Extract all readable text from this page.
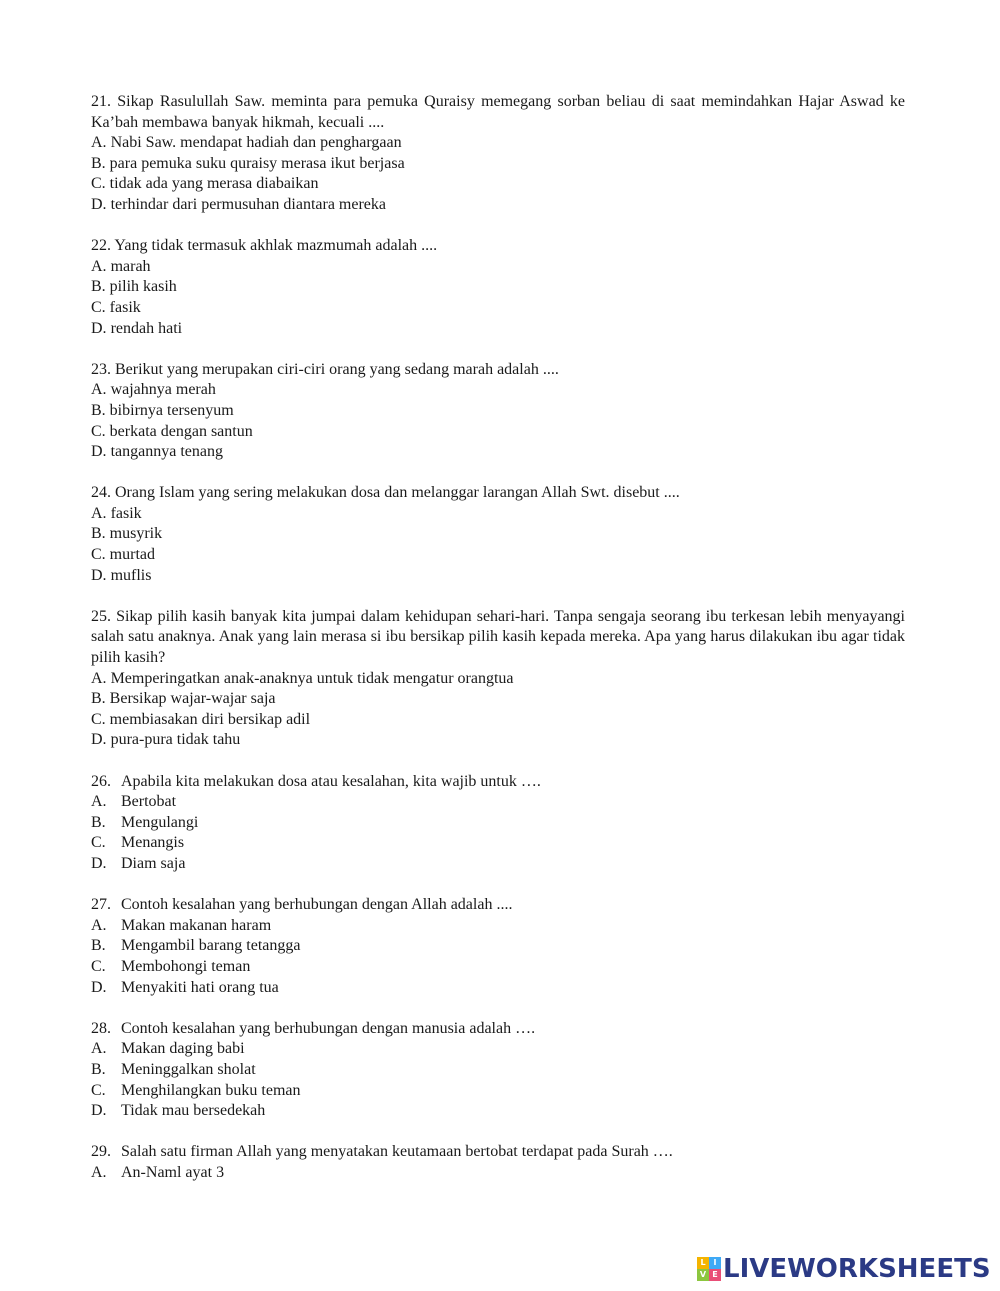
21. Sikap Rasulullah Saw. meminta para pemuka Quraisy memegang sorban beliau di saat memindahkan Hajar Aswad ke Ka’bah membawa banyak hikmah, kecuali ....
A. Nabi Saw. mendapat hadiah dan penghargaan
B. para pemuka suku quraisy merasa ikut berjasa
C. tidak ada yang merasa diabaikan
D. terhindar dari permusuhan diantara mereka
22. Yang tidak termasuk akhlak mazmumah adalah ....
A. marah
B. pilih kasih
C. fasik
D. rendah hati
23. Berikut yang merupakan ciri-ciri orang yang sedang marah adalah ....
A. wajahnya merah
B. bibirnya tersenyum
C. berkata dengan santun
D. tangannya tenang
24. Orang Islam yang sering melakukan dosa dan melanggar larangan Allah Swt. disebut ....
A. fasik
B. musyrik
C. murtad
D. muflis
25. Sikap pilih kasih banyak kita jumpai dalam kehidupan sehari-hari. Tanpa sengaja seorang ibu terkesan lebih menyayangi salah satu anaknya. Anak yang lain merasa si ibu bersikap pilih kasih kepada mereka. Apa yang harus dilakukan ibu agar tidak pilih kasih?
A. Memperingatkan anak-anaknya untuk tidak mengatur orangtua
B. Bersikap wajar-wajar saja
C. membiasakan diri bersikap adil
D. pura-pura tidak tahu
26. Apabila kita melakukan dosa atau kesalahan, kita wajib untuk ….
A. Bertobat
B. Mengulangi
C. Menangis
D. Diam saja
27. Contoh kesalahan yang berhubungan dengan Allah adalah ....
A. Makan makanan haram
B. Mengambil barang tetangga
C. Membohongi teman
D. Menyakiti hati orang tua
28. Contoh kesalahan yang berhubungan dengan manusia adalah ….
A. Makan daging babi
B. Meninggalkan sholat
C. Menghilangkan buku teman
D. Tidak mau bersedekah
29. Salah satu firman Allah yang menyatakan keutamaan bertobat terdapat pada Surah ….
A. An-Naml ayat 3
L I
V E LIVEWORKSHEETS
